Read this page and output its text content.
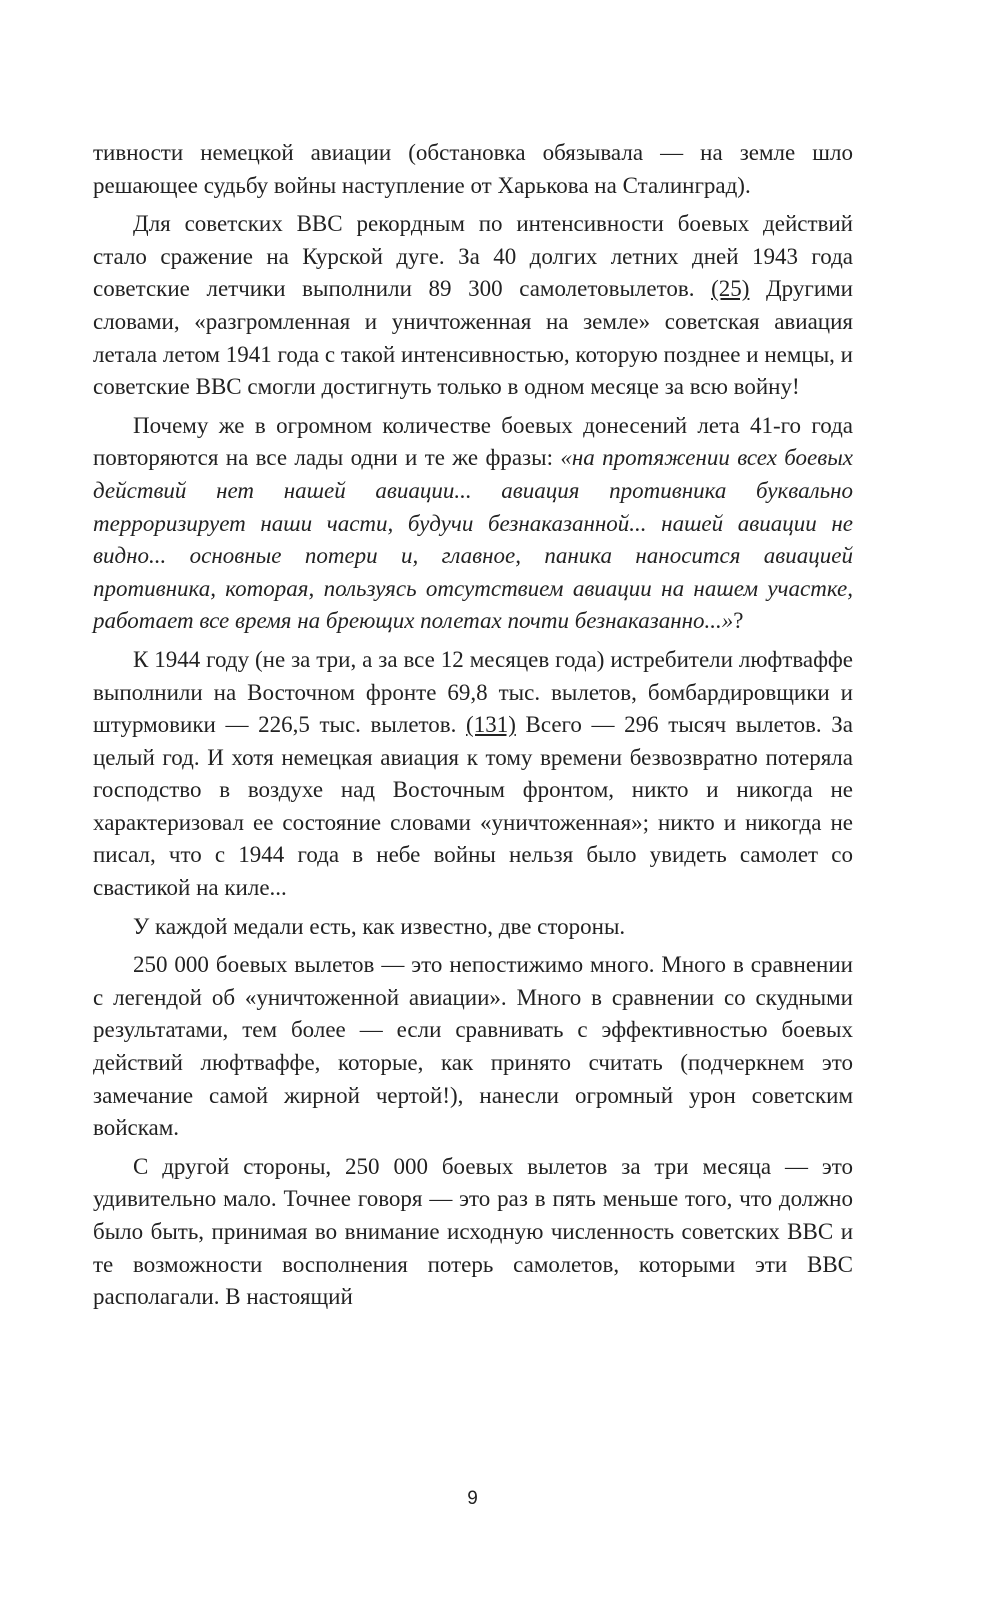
тивности немецкой авиации (обстановка обязывала — на земле шло решающее судьбу войны наступление от Харькова на Сталинград).

Для советских ВВС рекордным по интенсивности боевых действий стало сражение на Курской дуге. За 40 долгих летних дней 1943 года советские летчики выполнили 89 300 самолетовылетов. (25) Другими словами, «разгромленная и уничтоженная на земле» советская авиация летала летом 1941 года с такой интенсивностью, которую позднее и немцы, и советские ВВС смогли достигнуть только в одном месяце за всю войну!

Почему же в огромном количестве боевых донесений лета 41-го года повторяются на все лады одни и те же фразы: «на протяжении всех боевых действий нет нашей авиации... авиация противника буквально терроризирует наши части, будучи безнаказанной... нашей авиации не видно... основные потери и, главное, паника наносится авиацией противника, которая, пользуясь отсутствием авиации на нашем участке, работает все время на бреющих полетах почти безнаказанно...»?

К 1944 году (не за три, а за все 12 месяцев года) истребители люфтваффе выполнили на Восточном фронте 69,8 тыс. вылетов, бомбардировщики и штурмовики — 226,5 тыс. вылетов. (131) Всего — 296 тысяч вылетов. За целый год. И хотя немецкая авиация к тому времени безвозвратно потеряла господство в воздухе над Восточным фронтом, никто и никогда не характеризовал ее состояние словами «уничтоженная»; никто и никогда не писал, что с 1944 года в небе войны нельзя было увидеть самолет со свастикой на киле...

У каждой медали есть, как известно, две стороны.

250 000 боевых вылетов — это непостижимо много. Много в сравнении с легендой об «уничтоженной авиации». Много в сравнении со скудными результатами, тем более — если сравнивать с эффективностью боевых действий люфтваффе, которые, как принято считать (подчеркнем это замечание самой жирной чертой!), нанесли огромный урон советским войскам.

С другой стороны, 250 000 боевых вылетов за три месяца — это удивительно мало. Точнее говоря — это раз в пять меньше того, что должно было быть, принимая во внимание исходную численность советских ВВС и те возможности восполнения потерь самолетов, которыми эти ВВС располагали. В настоящий

9
